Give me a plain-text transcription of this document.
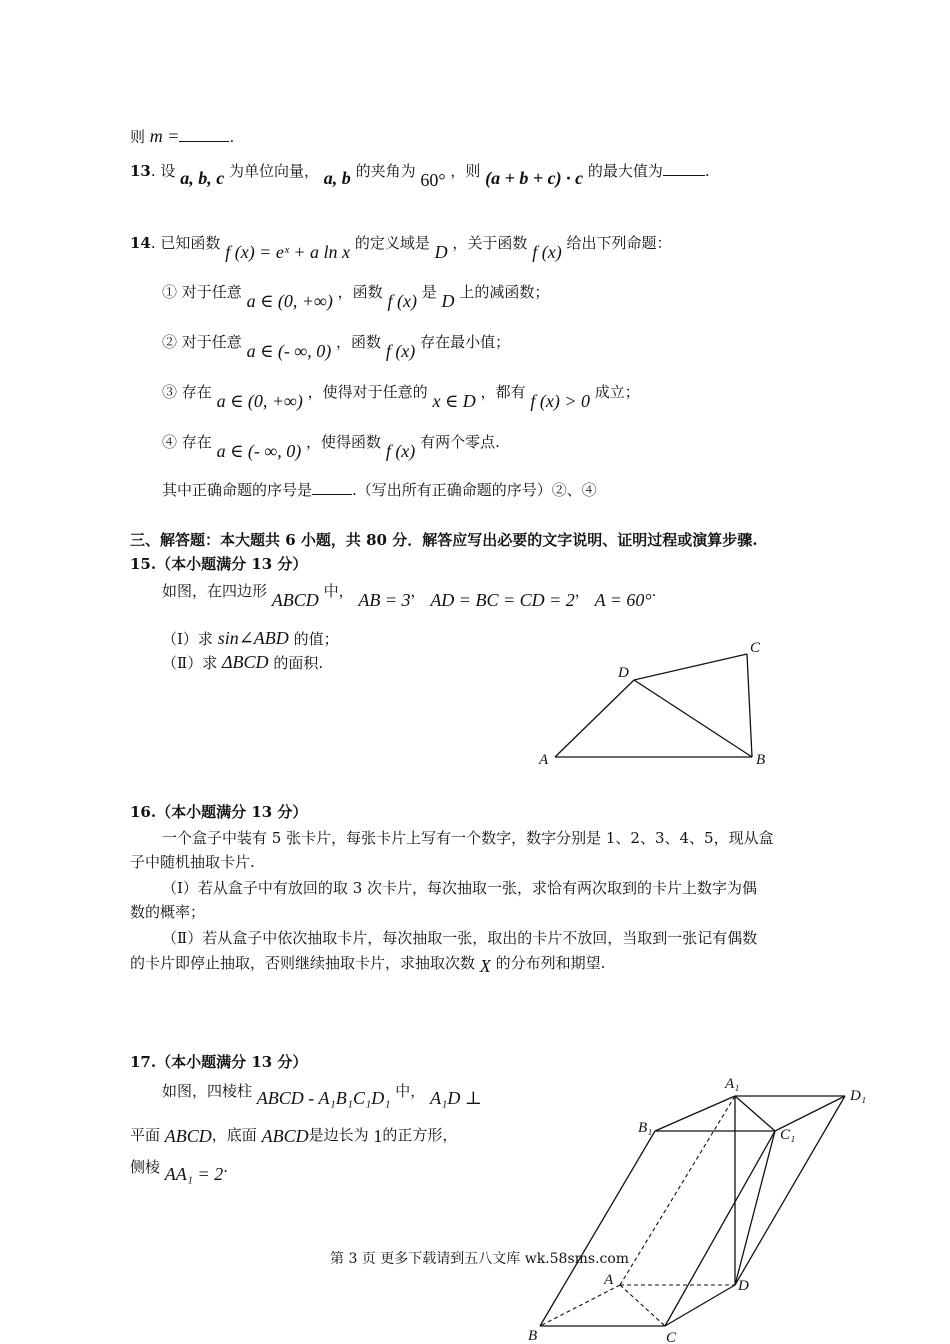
则 m =	.
13. 设 a, b, c 为单位向量， a, b 的夹角为 60° ，则 (a + b + c) · c 的最大值为	.
14. 已知函数 f (x) = eˣ + a ln x 的定义域是 D ，关于函数 f (x) 给出下列命题：
① 对于任意 a ∈ (0, +∞) ，函数 f (x) 是 D 上的减函数；
② 对于任意 a ∈ (- ∞, 0) ，函数 f (x) 存在最小值；
③ 存在 a ∈ (0, +∞) ，使得对于任意的 x ∈ D ，都有 f (x) > 0 成立；
④ 存在 a ∈ (- ∞, 0) ，使得函数 f (x) 有两个零点.
其中正确命题的序号是	.（写出所有正确命题的序号）②、④
三、解答题：本大题共 6 小题，共 80 分．解答应写出必要的文字说明、证明过程或演算步骤.
15.（本小题满分 13 分）
如图，在四边形 ABCD 中， AB = 3， AD = BC = CD = 2， A = 60°.
（Ⅰ）求 sin∠ABD 的值；
（Ⅱ）求 ΔBCD 的面积.
A	B
C
D
16.（本小题满分 13 分）
一个盒子中装有 5 张卡片，每张卡片上写有一个数字，数字分别是 1、2、3、4、5，现从盒
子中随机抽取卡片.
（Ⅰ）若从盒子中有放回的取 3 次卡片，每次抽取一张，求恰有两次取到的卡片上数字为偶
数的概率；
（Ⅱ）若从盒子中依次抽取卡片，每次抽取一张，取出的卡片不放回，当取到一张记有偶数
的卡片即停止抽取，否则继续抽取卡片，求抽取次数 X 的分布列和期望.
17.（本小题满分 13 分）
如图，四棱柱 ABCD - A₁B₁C₁D₁ 中， A₁D ⊥
平面 ABCD，底面 ABCD是边长为 1的正方形，
侧棱 AA₁ = 2.
A₁
D₁
B₁	C₁
A	D
B	C
第 3 页 更多下载请到五八文库 wk.58sms.com
